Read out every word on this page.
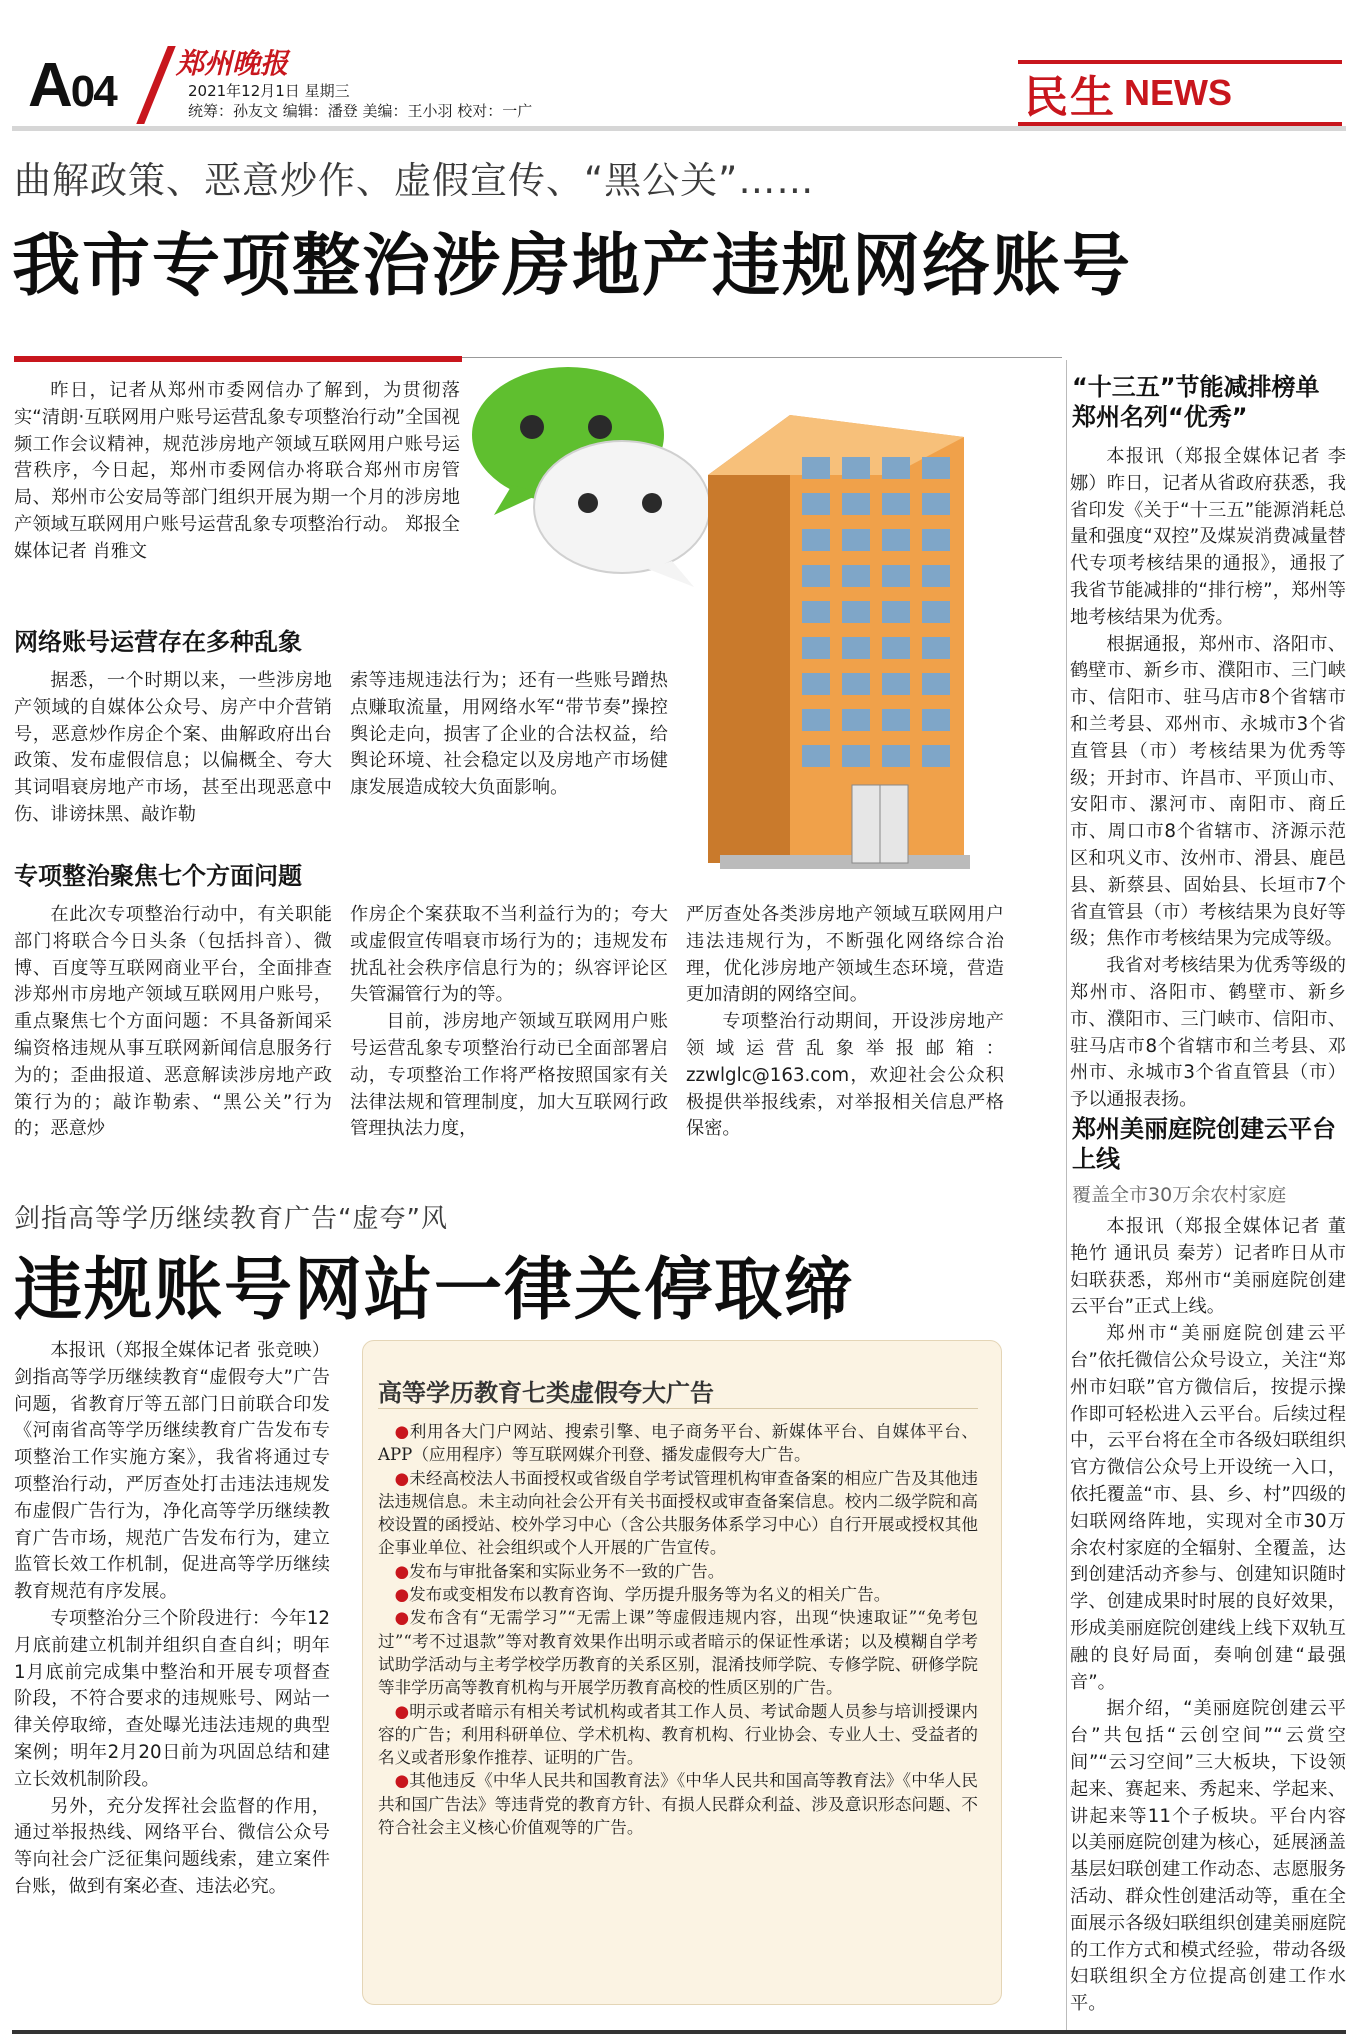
A04
郑州晚报
2021年12月1日 星期三
统筹：孙友文 编辑：潘登 美编：王小羽 校对：一广	民生 NEWS
曲解政策、恶意炒作、虚假宣传、“黑公关”……
我市专项整治涉房地产违规网络账号

昨日，记者从郑州市委网信办了解到，为贯彻落实“清朗·互联网用户账号运营乱象专项整治行动”全国视频工作会议精神，规范涉房地产领域互联网用户账号运营秩序，今日起，郑州市委网信办将联合郑州市房管局、郑州市公安局等部门组织开展为期一个月的涉房地产领域互联网用户账号运营乱象专项整治行动。 郑报全媒体记者 肖雅文

网络账号运营存在多种乱象

据悉，一个时期以来，一些涉房地产领域的自媒体公众号、房产中介营销号，恶意炒作房企个案、曲解政府出台政策、发布虚假信息；以偏概全、夸大其词唱衰房地产市场，甚至出现恶意中伤、诽谤抹黑、敲诈勒

索等违规违法行为；还有一些账号蹭热点赚取流量，用网络水军“带节奏”操控舆论走向，损害了企业的合法权益，给舆论环境、社会稳定以及房地产市场健康发展造成较大负面影响。

专项整治聚焦七个方面问题

在此次专项整治行动中，有关职能部门将联合今日头条（包括抖音）、微博、百度等互联网商业平台，全面排查涉郑州市房地产领域互联网用户账号，重点聚焦七个方面问题：不具备新闻采编资格违规从事互联网新闻信息服务行为的；歪曲报道、恶意解读涉房地产政策行为的；敲诈勒索、“黑公关”行为的；恶意炒

作房企个案获取不当利益行为的；夸大或虚假宣传唱衰市场行为的；违规发布扰乱社会秩序信息行为的；纵容评论区失管漏管行为的等。

目前，涉房地产领域互联网用户账号运营乱象专项整治行动已全面部署启动，专项整治工作将严格按照国家有关法律法规和管理制度，加大互联网行政管理执法力度，

严厉查处各类涉房地产领域互联网用户违法违规行为，不断强化网络综合治理，优化涉房地产领域生态环境，营造更加清朗的网络空间。

专项整治行动期间，开设涉房地产领域运营乱象举报邮箱：zzwlglc@163.com，欢迎社会公众积极提供举报线索，对举报相关信息严格保密。

剑指高等学历继续教育广告“虚夸”风
违规账号网站一律关停取缔

本报讯（郑报全媒体记者 张竞映）剑指高等学历继续教育“虚假夸大”广告问题，省教育厅等五部门日前联合印发《河南省高等学历继续教育广告发布专项整治工作实施方案》，我省将通过专项整治行动，严厉查处打击违法违规发布虚假广告行为，净化高等学历继续教育广告市场，规范广告发布行为，建立监管长效工作机制，促进高等学历继续教育规范有序发展。

专项整治分三个阶段进行：今年12月底前建立机制并组织自查自纠；明年1月底前完成集中整治和开展专项督查阶段，不符合要求的违规账号、网站一律关停取缔，查处曝光违法违规的典型案例；明年2月20日前为巩固总结和建立长效机制阶段。

另外，充分发挥社会监督的作用，通过举报热线、网络平台、微信公众号等向社会广泛征集问题线索，建立案件台账，做到有案必查、违法必究。

高等学历教育七类虚假夸大广告

●利用各大门户网站、搜索引擎、电子商务平台、新媒体平台、自媒体平台、APP（应用程序）等互联网媒介刊登、播发虚假夸大广告。

●未经高校法人书面授权或省级自学考试管理机构审查备案的相应广告及其他违法违规信息。未主动向社会公开有关书面授权或审查备案信息。校内二级学院和高校设置的函授站、校外学习中心（含公共服务体系学习中心）自行开展或授权其他企事业单位、社会组织或个人开展的广告宣传。

●发布与审批备案和实际业务不一致的广告。

●发布或变相发布以教育咨询、学历提升服务等为名义的相关广告。

●发布含有“无需学习”“无需上课”等虚假违规内容，出现“快速取证”“免考包过”“考不过退款”等对教育效果作出明示或者暗示的保证性承诺；以及模糊自学考试助学活动与主考学校学历教育的关系区别，混淆技师学院、专修学院、研修学院等非学历高等教育机构与开展学历教育高校的性质区别的广告。

●明示或者暗示有相关考试机构或者其工作人员、考试命题人员参与培训授课内容的广告；利用科研单位、学术机构、教育机构、行业协会、专业人士、受益者的名义或者形象作推荐、证明的广告。

●其他违反《中华人民共和国教育法》《中华人民共和国高等教育法》《中华人民共和国广告法》等违背党的教育方针、有损人民群众利益、涉及意识形态问题、不符合社会主义核心价值观等的广告。

“十三五”节能减排榜单郑州名列“优秀”

本报讯（郑报全媒体记者 李娜）昨日，记者从省政府获悉，我省印发《关于“十三五”能源消耗总量和强度“双控”及煤炭消费减量替代专项考核结果的通报》，通报了我省节能减排的“排行榜”，郑州等地考核结果为优秀。

根据通报，郑州市、洛阳市、鹤壁市、新乡市、濮阳市、三门峡市、信阳市、驻马店市8个省辖市和兰考县、邓州市、永城市3个省直管县（市）考核结果为优秀等级；开封市、许昌市、平顶山市、安阳市、漯河市、南阳市、商丘市、周口市8个省辖市、济源示范区和巩义市、汝州市、滑县、鹿邑县、新蔡县、固始县、长垣市7个省直管县（市）考核结果为良好等级；焦作市考核结果为完成等级。

我省对考核结果为优秀等级的郑州市、洛阳市、鹤壁市、新乡市、濮阳市、三门峡市、信阳市、驻马店市8个省辖市和兰考县、邓州市、永城市3个省直管县（市）予以通报表扬。

郑州美丽庭院创建云平台上线
覆盖全市30万余农村家庭

本报讯（郑报全媒体记者 董艳竹 通讯员 秦芳）记者昨日从市妇联获悉，郑州市“美丽庭院创建云平台”正式上线。

郑州市“美丽庭院创建云平台”依托微信公众号设立，关注“郑州市妇联”官方微信后，按提示操作即可轻松进入云平台。后续过程中，云平台将在全市各级妇联组织官方微信公众号上开设统一入口，依托覆盖“市、县、乡、村”四级的妇联网络阵地，实现对全市30万余农村家庭的全辐射、全覆盖，达到创建活动齐参与、创建知识随时学、创建成果时时展的良好效果，形成美丽庭院创建线上线下双轨互融的良好局面，奏响创建“最强音”。

据介绍，“美丽庭院创建云平台”共包括“云创空间”“云赏空间”“云习空间”三大板块，下设领起来、赛起来、秀起来、学起来、讲起来等11个子板块。平台内容以美丽庭院创建为核心，延展涵盖基层妇联创建工作动态、志愿服务活动、群众性创建活动等，重在全面展示各级妇联组织创建美丽庭院的工作方式和模式经验，带动各级妇联组织全方位提高创建工作水平。
